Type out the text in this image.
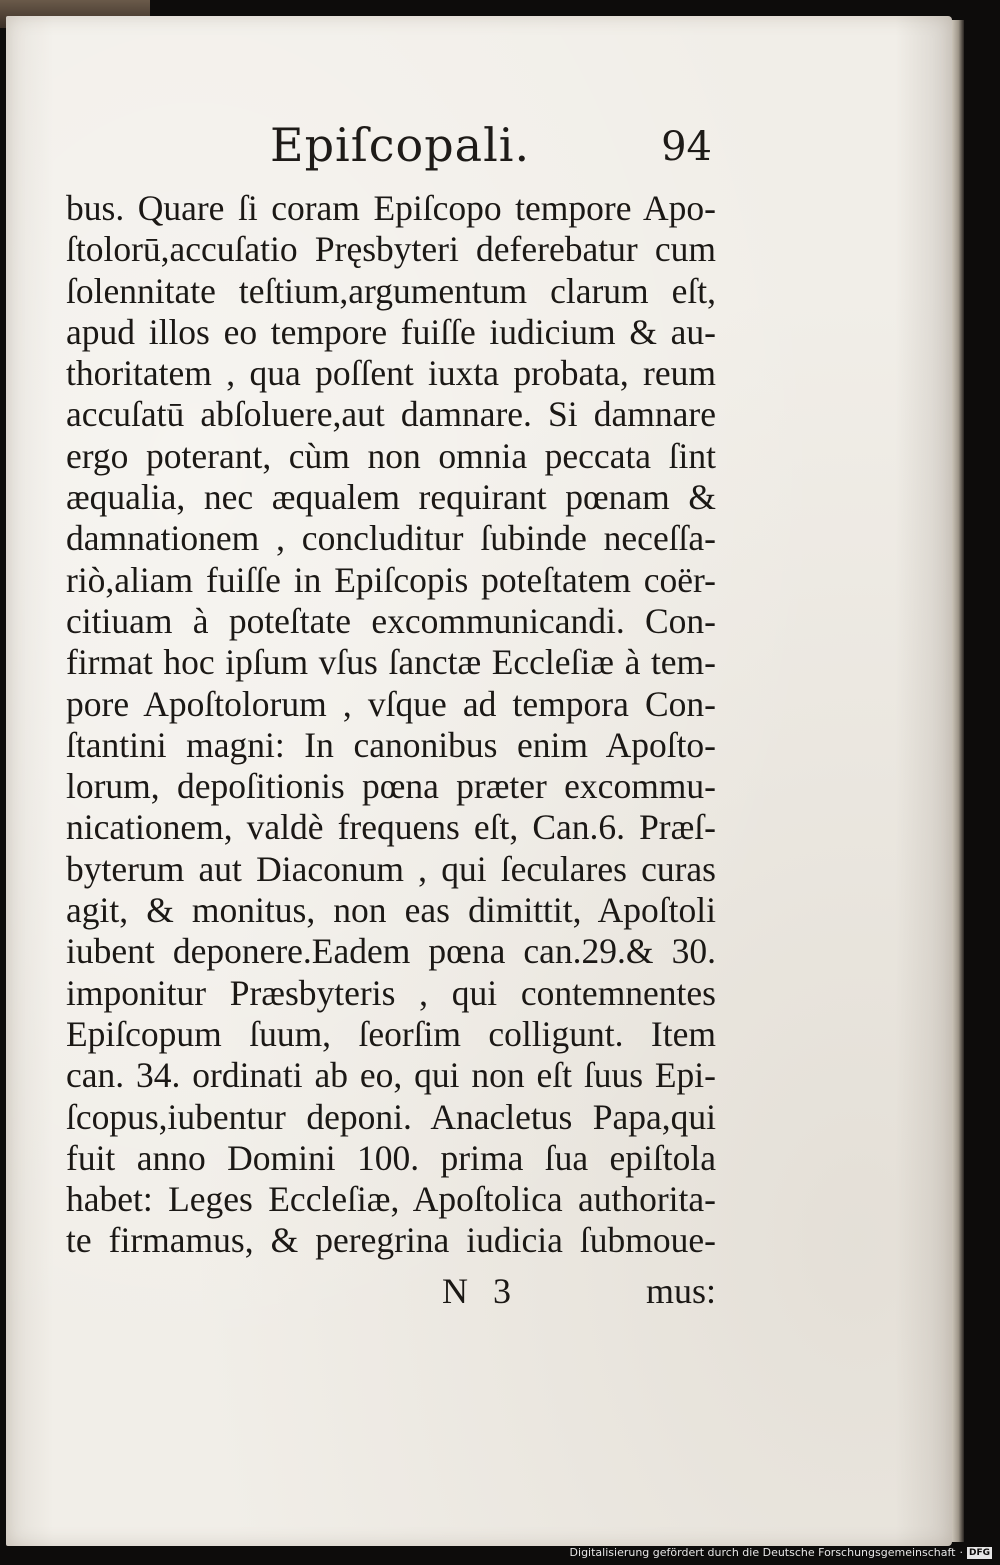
Epiſcopali.	94
bus. Quare ſi coram Epiſcopo tempore Apo-
ſtolorū,accuſatio Pręsbyteri deferebatur cum
ſolennitate teſtium,argumentum clarum eſt,
apud illos eo tempore fuiſſe iudicium & au-
thoritatem , qua poſſent iuxta probata, reum
accuſatū abſoluere,aut damnare. Si damnare
ergo poterant, cùm non omnia peccata ſint
æqualia, nec æqualem requirant pœnam &
damnationem , concluditur ſubinde neceſſa-
riò,aliam fuiſſe in Epiſcopis poteſtatem coër-
citiuam à poteſtate excommunicandi. Con-
firmat hoc ipſum vſus ſanctæ Eccleſiæ à tem-
pore Apoſtolorum , vſque ad tempora Con-
ſtantini magni: In canonibus enim Apoſto-
lorum, depoſitionis pœna præter excommu-
nicationem, valdè frequens eſt, Can.6. Præſ-
byterum aut Diaconum , qui ſeculares curas
agit, & monitus, non eas dimittit, Apoſtoli
iubent deponere.Eadem pœna can.29.& 30.
imponitur Præsbyteris , qui contemnentes
Epiſcopum ſuum, ſeorſim colligunt. Item
can. 34. ordinati ab eo, qui non eſt ſuus Epi-
ſcopus,iubentur deponi. Anacletus Papa,qui
fuit anno Domini 100. prima ſua epiſtola
habet: Leges Eccleſiæ, Apoſtolica authorita-
te firmamus, & peregrina iudicia ſubmoue-
N 3	mus:
Digitalisierung gefördert durch die Deutsche Forschungsgemeinschaft · DFG
